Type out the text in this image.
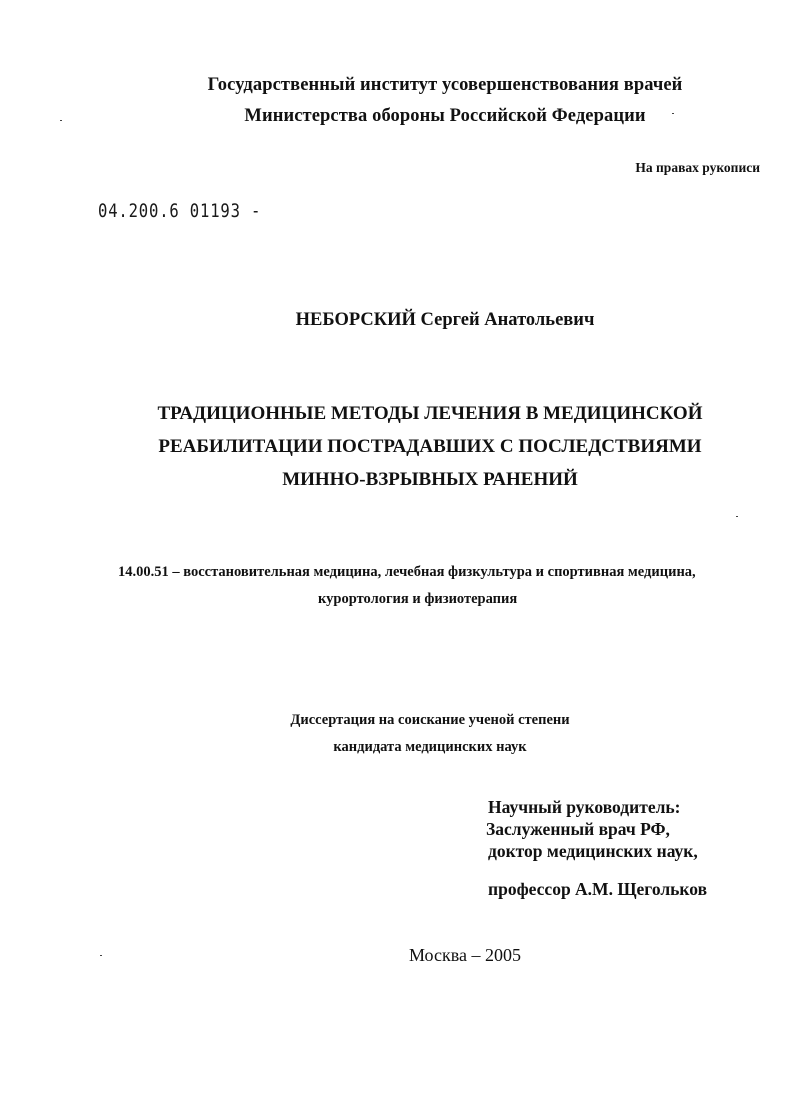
Государственный институт усовершенствования врачей
Министерства обороны Российской Федерации
На правах рукописи
04.200.6 01193 -
НЕБОРСКИЙ Сергей Анатольевич
ТРАДИЦИОННЫЕ МЕТОДЫ ЛЕЧЕНИЯ В МЕДИЦИНСКОЙ
РЕАБИЛИТАЦИИ ПОСТРАДАВШИХ С ПОСЛЕДСТВИЯМИ
МИННО-ВЗРЫВНЫХ РАНЕНИЙ
14.00.51 – восстановительная медицина, лечебная физкультура и спортивная медицина,
курортология и физиотерапия
Диссертация на соискание ученой степени
кандидата медицинских наук
Научный руководитель:
Заслуженный врач РФ,
доктор медицинских наук,
профессор А.М. Щегольков
Москва – 2005
